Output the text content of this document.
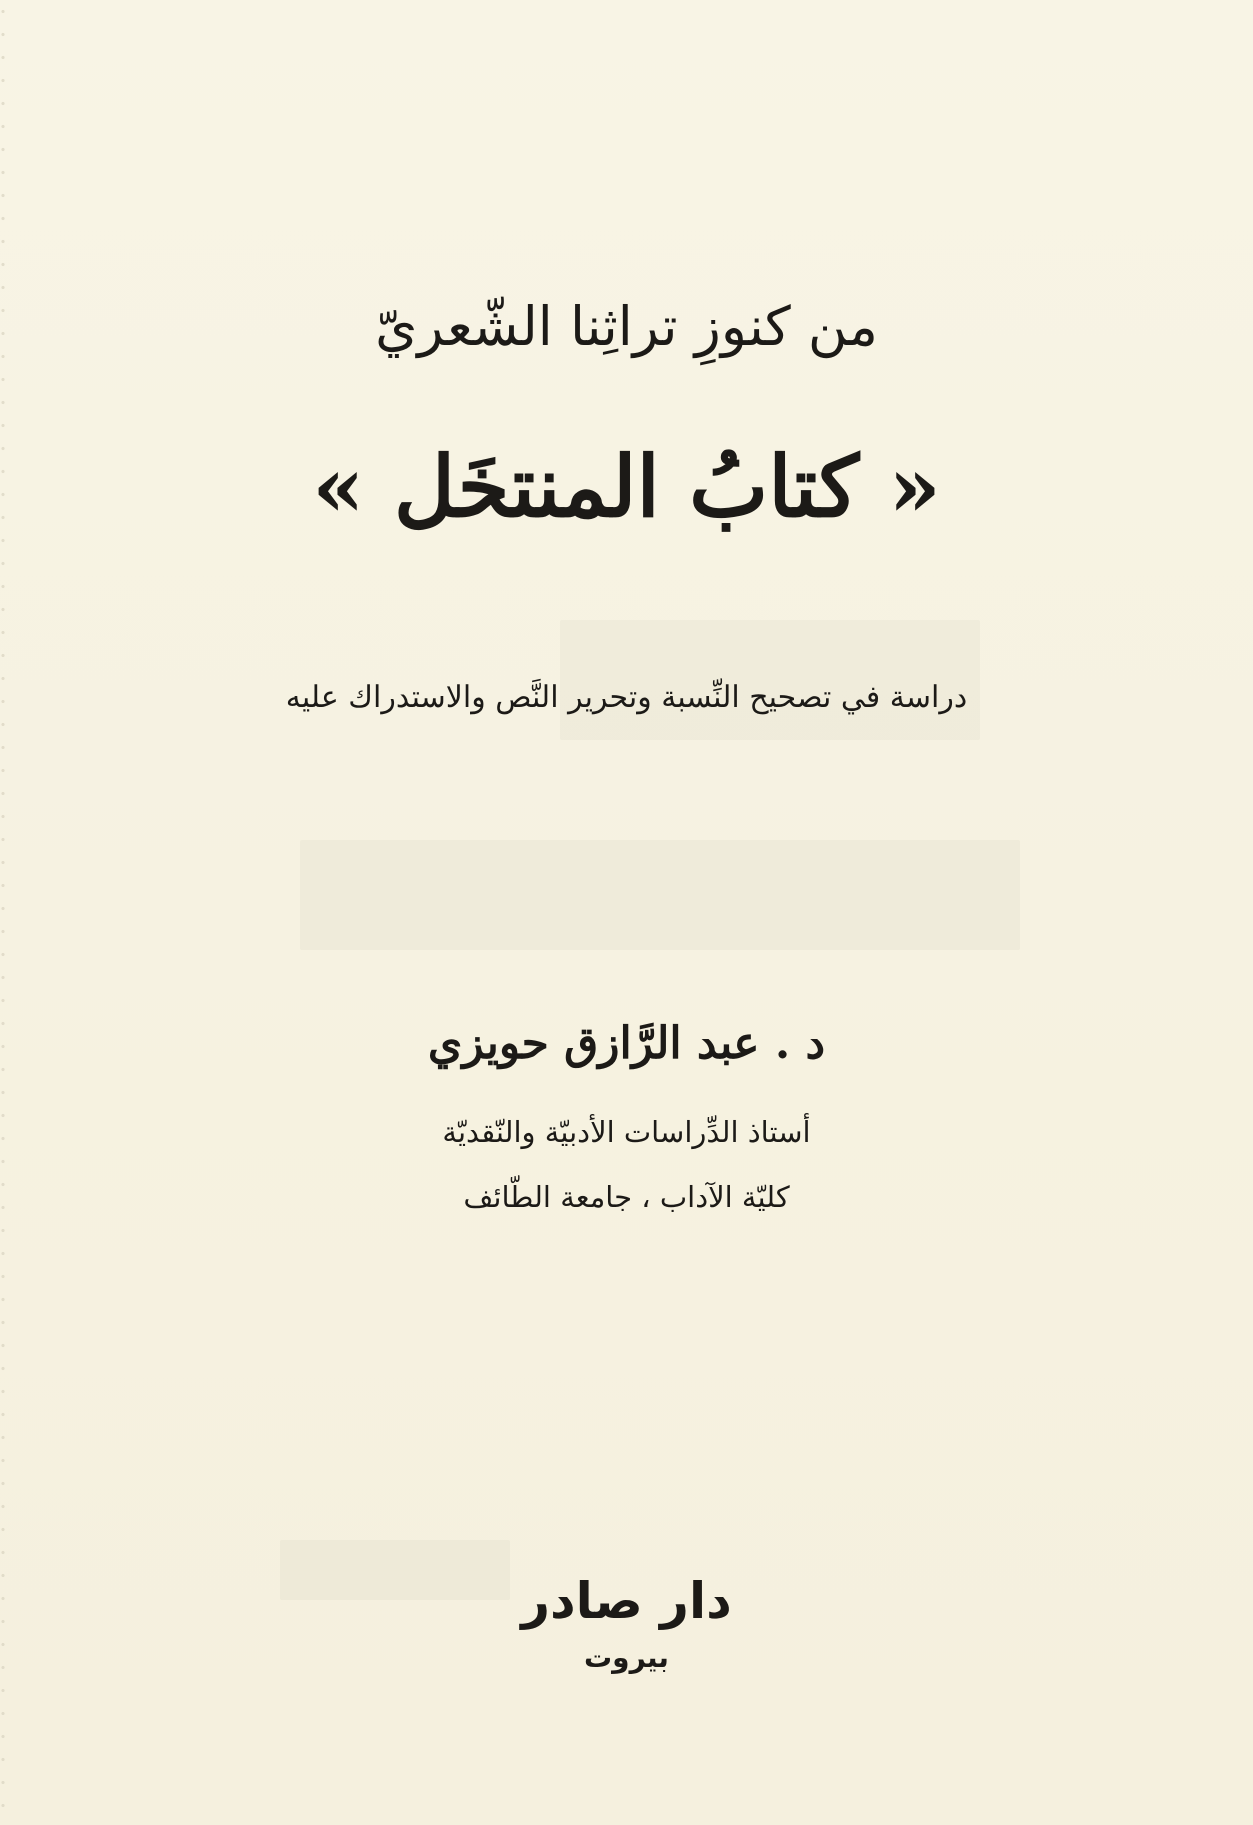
من كنوزِ تراثِنا الشّعريّ
« كتابُ المنتخَل »
دراسة في تصحيح النِّسبة وتحرير النَّص والاستدراك عليه
د . عبد الرَّازق حويزي
أستاذ الدِّراسات الأدبيّة والنّقديّة
كليّة الآداب ، جامعة الطّائف
دار صادر
بيروت
